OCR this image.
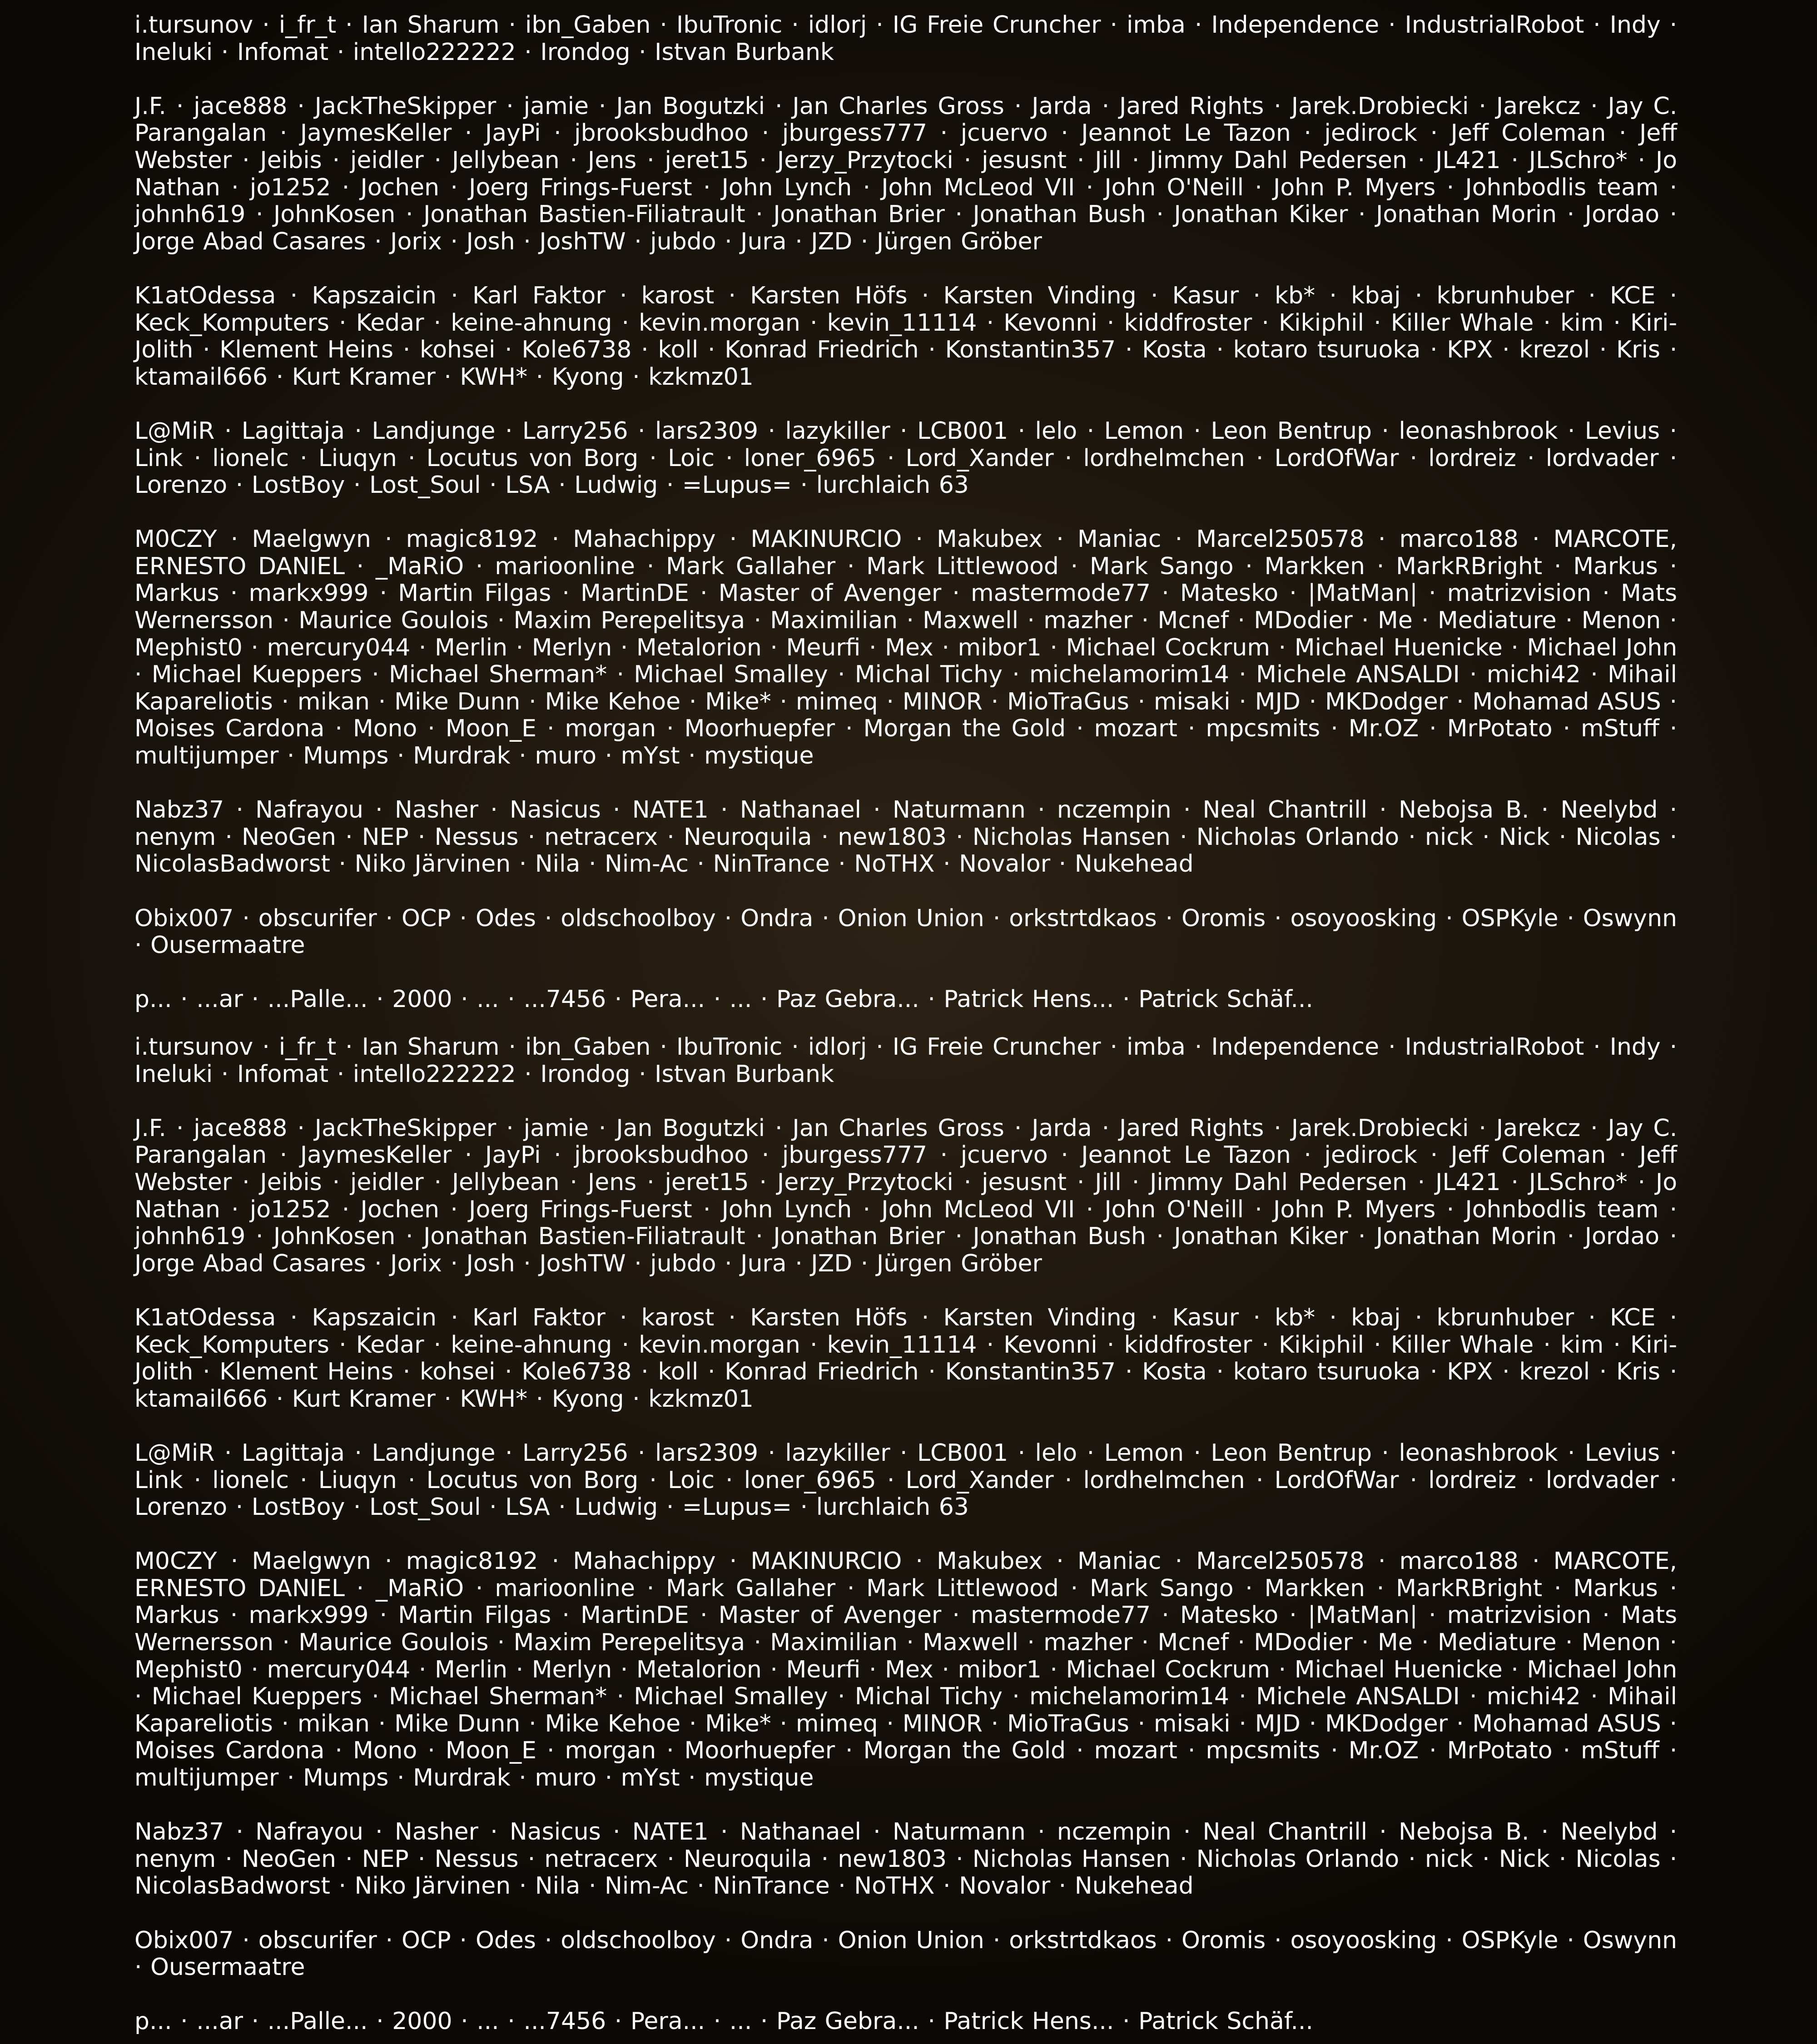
i.tursunov · i_fr_t · Ian Sharum · ibn_Gaben · IbuTronic · idlorj · IG Freie Cruncher · imba · Independence · IndustrialRobot · Indy · Ineluki · Infomat · intello222222 · Irondog · Istvan Burbank

J.F. · jace888 · JackTheSkipper · jamie · Jan Bogutzki · Jan Charles Gross · Jarda · Jared Rights · Jarek.Drobiecki · Jarekcz · Jay C. Parangalan · JaymesKeller · JayPi · jbrooksbudhoo · jburgess777 · jcuervo · Jeannot Le Tazon · jedirock · Jeff Coleman · Jeff Webster · Jeibis · jeidler · Jellybean · Jens · jeret15 · Jerzy_Przytocki · jesusnt · Jill · Jimmy Dahl Pedersen · JL421 · JLSchro* · Jo Nathan · jo1252 · Jochen · Joerg Frings-Fuerst · John Lynch · John McLeod VII · John O'Neill · John P. Myers · Johnbodlis team · johnh619 · JohnKosen · Jonathan Bastien-Filiatrault · Jonathan Brier · Jonathan Bush · Jonathan Kiker · Jonathan Morin · Jordao · Jorge Abad Casares · Jorix · Josh · JoshTW · jubdo · Jura · JZD · Jürgen Gröber

K1atOdessa · Kapszaicin · Karl Faktor · karost · Karsten Höfs · Karsten Vinding · Kasur · kb* · kbaj · kbrunhuber · KCE · Keck_Komputers · Kedar · keine-ahnung · kevin.morgan · kevin_11114 · Kevonni · kiddfroster · Kikiphil · Killer Whale · kim · Kiri-Jolith · Klement Heins · kohsei · Kole6738 · koll · Konrad Friedrich · Konstantin357 · Kosta · kotaro tsuruoka · KPX · krezol · Kris · ktamail666 · Kurt Kramer · KWH* · Kyong · kzkmz01

L@MiR · Lagittaja · Landjunge · Larry256 · lars2309 · lazykiller · LCB001 · lelo · Lemon · Leon Bentrup · leonashbrook · Levius · Link · lionelc · Liuqyn · Locutus von Borg · Loic · loner_6965 · Lord_Xander · lordhelmchen · LordOfWar · lordreiz · lordvader · Lorenzo · LostBoy · Lost_Soul · LSA · Ludwig · =Lupus= · lurchlaich 63

M0CZY · Maelgwyn · magic8192 · Mahachippy · MAKINURCIO · Makubex · Maniac · Marcel250578 · marco188 · MARCOTE, ERNESTO DANIEL · _MaRiO · marioonline · Mark Gallaher · Mark Littlewood · Mark Sango · Markken · MarkRBright · Markus · Markus · markx999 · Martin Filgas · MartinDE · Master of Avenger · mastermode77 · Matesko · |MatMan| · matrizvision · Mats Wernersson · Maurice Goulois · Maxim Perepelitsya · Maximilian · Maxwell · mazher · Mcnef · MDodier · Me · Mediature · Menon · Mephist0 · mercury044 · Merlin · Merlyn · Metalorion · Meurfi · Mex · mibor1 · Michael Cockrum · Michael Huenicke · Michael John · Michael Kueppers · Michael Sherman* · Michael Smalley · Michal Tichy · michelamorim14 · Michele ANSALDI · michi42 · Mihail Kapareliotis · mikan · Mike Dunn · Mike Kehoe · Mike* · mimeq · MINOR · MioTraGus · misaki · MJD · MKDodger · Mohamad ASUS · Moises Cardona · Mono · Moon_E · morgan · Moorhuepfer · Morgan the Gold · mozart · mpcsmits · Mr.OZ · MrPotato · mStuff · multijumper · Mumps · Murdrak · muro · mYst · mystique

Nabz37 · Nafrayou · Nasher · Nasicus · NATE1 · Nathanael · Naturmann · nczempin · Neal Chantrill · Nebojsa B. · Neelybd · nenym · NeoGen · NEP · Nessus · netracerx · Neuroquila · new1803 · Nicholas Hansen · Nicholas Orlando · nick · Nick · Nicolas · NicolasBadworst · Niko Järvinen · Nila · Nim-Ac · NinTrance · NoTHX · Novalor · Nukehead

Obix007 · obscurifer · OCP · Odes · oldschoolboy · Ondra · Onion Union · orkstrtdkaos · Oromis · osoyoosking · OSPKyle · Oswynn · Ousermaatre

p... · ...ar · ...Palle... · 2000 · ... · ...7456 · Pera... · ... · Paz Gebra... · Patrick Hens... · Patrick Schäf...

i.tursunov · i_fr_t · Ian Sharum · ibn_Gaben · IbuTronic · idlorj · IG Freie Cruncher · imba · Independence · IndustrialRobot · Indy · Ineluki · Infomat · intello222222 · Irondog · Istvan Burbank

J.F. · jace888 · JackTheSkipper · jamie · Jan Bogutzki · Jan Charles Gross · Jarda · Jared Rights · Jarek.Drobiecki · Jarekcz · Jay C. Parangalan · JaymesKeller · JayPi · jbrooksbudhoo · jburgess777 · jcuervo · Jeannot Le Tazon · jedirock · Jeff Coleman · Jeff Webster · Jeibis · jeidler · Jellybean · Jens · jeret15 · Jerzy_Przytocki · jesusnt · Jill · Jimmy Dahl Pedersen · JL421 · JLSchro* · Jo Nathan · jo1252 · Jochen · Joerg Frings-Fuerst · John Lynch · John McLeod VII · John O'Neill · John P. Myers · Johnbodlis team · johnh619 · JohnKosen · Jonathan Bastien-Filiatrault · Jonathan Brier · Jonathan Bush · Jonathan Kiker · Jonathan Morin · Jordao · Jorge Abad Casares · Jorix · Josh · JoshTW · jubdo · Jura · JZD · Jürgen Gröber

K1atOdessa · Kapszaicin · Karl Faktor · karost · Karsten Höfs · Karsten Vinding · Kasur · kb* · kbaj · kbrunhuber · KCE · Keck_Komputers · Kedar · keine-ahnung · kevin.morgan · kevin_11114 · Kevonni · kiddfroster · Kikiphil · Killer Whale · kim · Kiri-Jolith · Klement Heins · kohsei · Kole6738 · koll · Konrad Friedrich · Konstantin357 · Kosta · kotaro tsuruoka · KPX · krezol · Kris · ktamail666 · Kurt Kramer · KWH* · Kyong · kzkmz01

L@MiR · Lagittaja · Landjunge · Larry256 · lars2309 · lazykiller · LCB001 · lelo · Lemon · Leon Bentrup · leonashbrook · Levius · Link · lionelc · Liuqyn · Locutus von Borg · Loic · loner_6965 · Lord_Xander · lordhelmchen · LordOfWar · lordreiz · lordvader · Lorenzo · LostBoy · Lost_Soul · LSA · Ludwig · =Lupus= · lurchlaich 63

M0CZY · Maelgwyn · magic8192 · Mahachippy · MAKINURCIO · Makubex · Maniac · Marcel250578 · marco188 · MARCOTE, ERNESTO DANIEL · _MaRiO · marioonline · Mark Gallaher · Mark Littlewood · Mark Sango · Markken · MarkRBright · Markus · Markus · markx999 · Martin Filgas · MartinDE · Master of Avenger · mastermode77 · Matesko · |MatMan| · matrizvision · Mats Wernersson · Maurice Goulois · Maxim Perepelitsya · Maximilian · Maxwell · mazher · Mcnef · MDodier · Me · Mediature · Menon · Mephist0 · mercury044 · Merlin · Merlyn · Metalorion · Meurfi · Mex · mibor1 · Michael Cockrum · Michael Huenicke · Michael John · Michael Kueppers · Michael Sherman* · Michael Smalley · Michal Tichy · michelamorim14 · Michele ANSALDI · michi42 · Mihail Kapareliotis · mikan · Mike Dunn · Mike Kehoe · Mike* · mimeq · MINOR · MioTraGus · misaki · MJD · MKDodger · Mohamad ASUS · Moises Cardona · Mono · Moon_E · morgan · Moorhuepfer · Morgan the Gold · mozart · mpcsmits · Mr.OZ · MrPotato · mStuff · multijumper · Mumps · Murdrak · muro · mYst · mystique

Nabz37 · Nafrayou · Nasher · Nasicus · NATE1 · Nathanael · Naturmann · nczempin · Neal Chantrill · Nebojsa B. · Neelybd · nenym · NeoGen · NEP · Nessus · netracerx · Neuroquila · new1803 · Nicholas Hansen · Nicholas Orlando · nick · Nick · Nicolas · NicolasBadworst · Niko Järvinen · Nila · Nim-Ac · NinTrance · NoTHX · Novalor · Nukehead

Obix007 · obscurifer · OCP · Odes · oldschoolboy · Ondra · Onion Union · orkstrtdkaos · Oromis · osoyoosking · OSPKyle · Oswynn · Ousermaatre

p... · ...ar · ...Palle... · 2000 · ... · ...7456 · Pera... · ... · Paz Gebra... · Patrick Hens... · Patrick Schäf...
